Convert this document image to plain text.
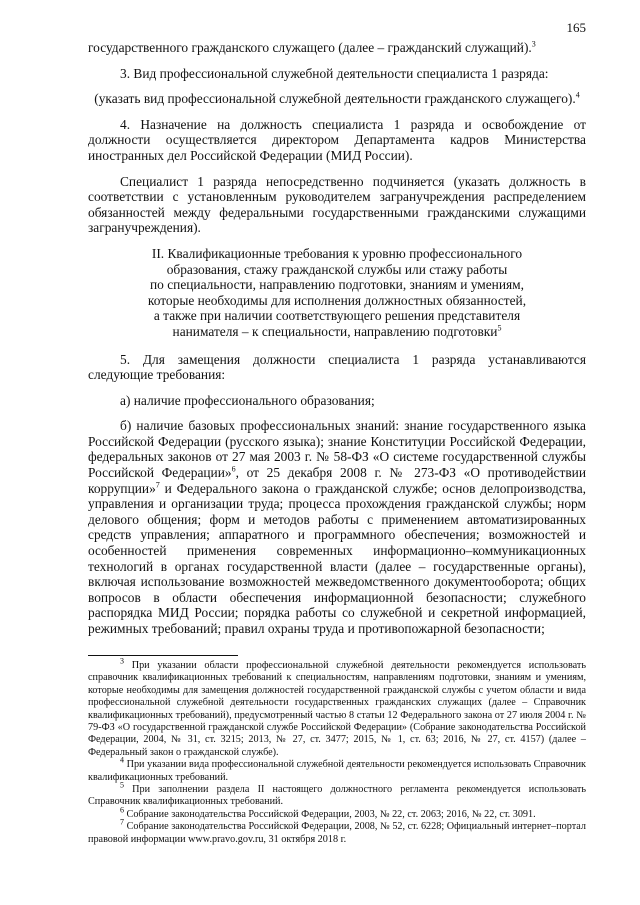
165

государственного гражданского служащего (далее – гражданский служащий).$^3$

3. Вид профессиональной служебной деятельности специалиста 1 разряда:

(указать вид профессиональной служебной деятельности гражданского служащего).$^4$

4. Назначение на должность специалиста 1 разряда и освобождение от должности осуществляется директором Департамента кадров Министерства иностранных дел Российской Федерации (МИД России).

Специалист 1 разряда непосредственно подчиняется (указать должность в соответствии с установленным руководителем загранучреждения распределением обязанностей между федеральными государственными гражданскими служащими загранучреждения).

II. Квалификационные требования к уровню профессионального
образования, стажу гражданской службы или стажу работы
по специальности, направлению подготовки, знаниям и умениям,
которые необходимы для исполнения должностных обязанностей,
а также при наличии соответствующего решения представителя
нанимателя – к специальности, направлению подготовки$^5$

5. Для замещения должности специалиста 1 разряда устанавливаются следующие требования:

а) наличие профессионального образования;

б) наличие базовых профессиональных знаний: знание государственного языка Российской Федерации (русского языка); знание Конституции Российской Федерации, федеральных законов от 27 мая 2003 г. № 58-ФЗ «О системе государственной службы Российской Федерации»$^6$, от 25 декабря 2008 г. № 273-ФЗ «О противодействии коррупции»$^7$ и Федерального закона о гражданской службе; основ делопроизводства, управления и организации труда; процесса прохождения гражданской службы; норм делового общения; форм и методов работы с применением автоматизированных средств управления; аппаратного и программного обеспечения; возможностей и особенностей применения современных информационно–коммуникационных технологий в органах государственной власти (далее – государственные органы), включая использование возможностей межведомственного документооборота; общих вопросов в области обеспечения информационной безопасности; служебного распорядка МИД России; порядка работы со служебной и секретной информацией, режимных требований; правил охраны труда и противопожарной безопасности;

$^3$ При указании области профессиональной служебной деятельности рекомендуется использовать справочник квалификационных требований к специальностям, направлениям подготовки, знаниям и умениям, которые необходимы для замещения должностей государственной гражданской службы с учетом области и вида профессиональной служебной деятельности государственных гражданских служащих (далее – Справочник квалификационных требований), предусмотренный частью 8 статьи 12 Федерального закона от 27 июля 2004 г. № 79-ФЗ «О государственной гражданской службе Российской Федерации» (Собрание законодательства Российской Федерации, 2004, № 31, ст. 3215; 2013, № 27, ст. 3477; 2015, № 1, ст. 63; 2016, № 27, ст. 4157) (далее – Федеральный закон о гражданской службе).

$^4$ При указании вида профессиональной служебной деятельности рекомендуется использовать Справочник квалификационных требований.

$^5$ При заполнении раздела II настоящего должностного регламента рекомендуется использовать Справочник квалификационных требований.

$^6$ Собрание законодательства Российской Федерации, 2003, № 22, ст. 2063; 2016, № 22, ст. 3091.

$^7$ Собрание законодательства Российской Федерации, 2008, № 52, ст. 6228; Официальный интернет–портал правовой информации www.pravo.gov.ru, 31 октября 2018 г.
